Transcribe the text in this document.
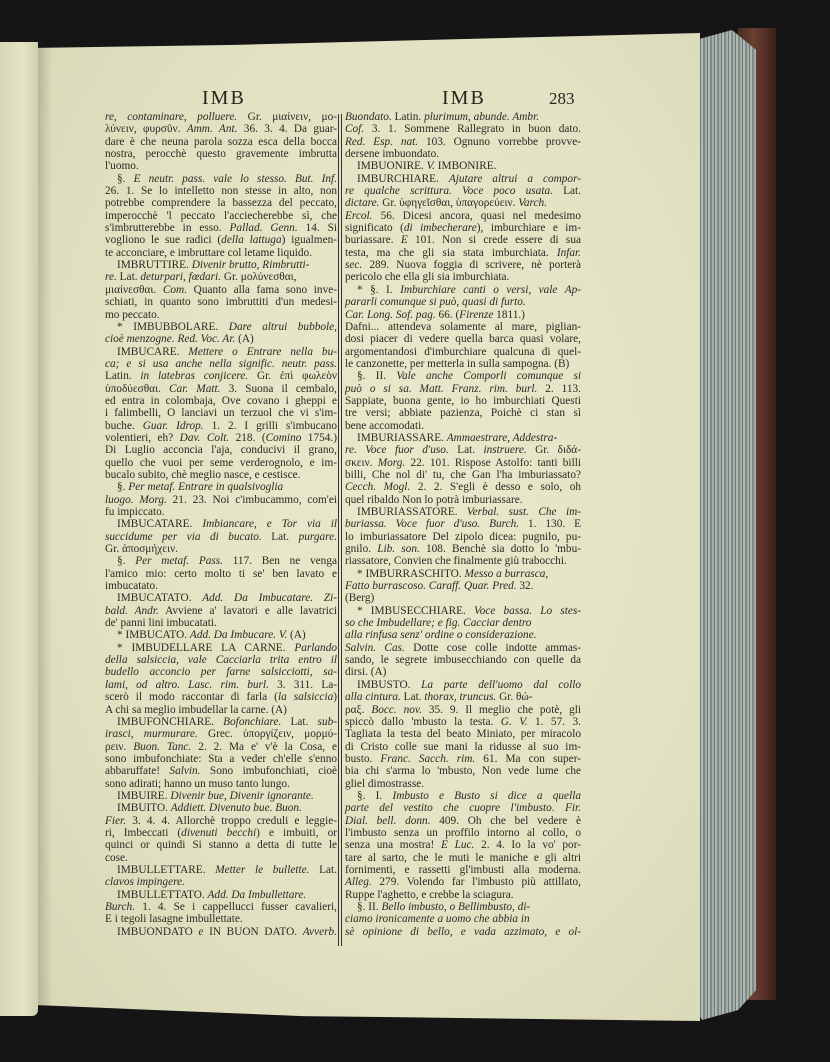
IMB	IMB	283
re, contaminare, polluere. Gr. μιαίνειν, μο-
λύνειν, φυρσῦν. Amm. Ant. 36. 3. 4. Da guar-
dare è che neuna parola sozza esca della bocca
nostra, perocchè questo gravemente imbrutta
l'uomo.
§. E neutr. pass. vale lo stesso. But. Inf.
26. 1. Se lo intelletto non stesse in alto, non
potrebbe comprendere la bassezza del peccato,
imperocchè 'l peccato l'acciecherebbe sì, che
s'imbrutterebbe in esso. Pallad. Genn. 14. Si
vogliono le sue radici (della lattuga) igualmen-
te acconciare, e imbruttare col letame liquido.
IMBRUTTIRE. Divenir brutto, Rimbrutti-
re. Lat. deturpari, fœdari. Gr. μολύνεσθαι,
μιαίνεσθαι. Com. Quanto alla fama sono inve-
schiati, in quanto sono imbruttiti d'un medesi-
mo peccato.
* IMBUBBOLARE. Dare altrui bubbole,
cioè menzogne. Red. Voc. Ar. (A)
IMBUCARE. Mettere o Entrare nella bu-
ca; e si usa anche nella signific. neutr. pass.
Latin. in latebras conjicere. Gr. ἐπὶ φωλεὸν
ὑποδύεσθαι. Car. Matt. 3. Suona il cembalo,
ed entra in colombaja, Ove covano i gheppi e
i falimbelli, O lanciavi un terzuol che vi s'im-
buche. Guar. Idrop. 1. 2. I grilli s'imbucano
volentieri, eh? Dav. Colt. 218. (Comino 1754.)
Di Luglio acconcia l'aja, conducivi il grano,
quello che vuoi per seme verderognolo, e im-
bucalo subito, chè meglio nasce, e cestisce.
§. Per metaf. Entrare in qualsivoglia
luogo. Morg. 21. 23. Noi c'imbucammo, com'ei
fu impiccato.
IMBUCATARE. Imbiancare, e Tor via il
succidume per via di bucato. Lat. purgare.
Gr. ἀποσμήχειν.
§. Per metaf. Pass. 117. Ben ne venga
l'amico mio: certo molto ti se' ben lavato e
imbucatato.
IMBUCATATO. Add. Da Imbucatare. Zi-
bald. Andr. Avviene a' lavatori e alle lavatrici
de' panni lini imbucatati.
* IMBUCATO. Add. Da Imbucare. V. (A)
* IMBUDELLARE LA CARNE. Parlando
della salsiccia, vale Cacciarla trita entro il
budello acconcio per farne salsicciotti, sa-
lami, od altro. Lasc. rim. burl. 3. 311. La-
scerò il modo raccontar di farla (la salsiccia)
A chi sa meglio imbudellar la carne. (A)
IMBUFONCHIARE. Bofonchiare. Lat. sub-
irasci, murmurare. Grec. ὑποργίζειν, μορμύ-
ρειν. Buon. Tanc. 2. 2. Ma e' v'è la Cosa, e
sono imbufonchiate: Sta a veder ch'elle s'enno
abbaruffate! Salvin. Sono imbufonchiati, cioè
sono adirati; hanno un muso tanto lungo.
IMBUIRE. Divenir bue, Divenir ignorante.
IMBUITO. Addiett. Divenuto bue. Buon.
Fier. 3. 4. 4. Allorchè troppo creduli e leggie-
ri, Imbeccati (divenuti becchi) e imbuiti, or
quinci or quindi Si stanno a detta di tutte le
cose.
IMBULLETTARE. Metter le bullette. Lat.
clavos impingere.
IMBULLETTATO. Add. Da Imbullettare.
Burch. 1. 4. Se i cappellucci fusser cavalieri,
E i tegoli lasagne imbullettate.
IMBUONDATO e IN BUON DATO. Avverb.
Buondato. Latin. plurimum, abunde. Ambr.
Cof. 3. 1. Sommene Rallegrato in buon dato.
Red. Esp. nat. 103. Ognuno vorrebbe provve-
dersene imbuondato.
IMBUONIRE. V. IMBONIRE.
IMBURCHIARE. Ajutare altrui a compor-
re qualche scrittura. Voce poco usata. Lat.
dictare. Gr. ὑφηγεῖσθαι, ὑπαγορεύειν. Varch.
Ercol. 56. Dicesi ancora, quasi nel medesimo
significato (di imbecherare), imburchiare e im-
buriassare. E 101. Non si crede essere di sua
testa, ma che gli sia stata imburchiata. Infar.
sec. 289. Nuova foggia di scrivere, nè porterà
pericolo che ella gli sia imburchiata.
* §. I. Imburchiare canti o versi, vale Ap-
pararli comunque si può, quasi di furto.
Car. Long. Sof. pag. 66. (Firenze 1811.)
Dafni... attendeva solamente al mare, piglian-
dosi piacer di vedere quella barca quasi volare,
argomentandosi d'imburchiare qualcuna di quel-
le canzonette, per metterla in sulla sampogna. (B)
§. II. Vale anche Comporli comunque si
può o si sa. Matt. Franz. rim. burl. 2. 113.
Sappiate, buona gente, io ho imburchiati Questi
tre versi; abbiate pazienza, Poichè ci stan sì
bene accomodati.
IMBURIASSARE. Ammaestrare, Addestra-
re. Voce fuor d'uso. Lat. instruere. Gr. διδά-
σκειν. Morg. 22. 101. Rispose Astolfo: tanti billi
billi, Che nol di' tu, che Gan l'ha imburiassato?
Cecch. Mogl. 2. 2. S'egli è desso e solo, oh
quel ribaldo Non lo potrà imburiassare.
IMBURIASSATORE. Verbal. sust. Che im-
buriassa. Voce fuor d'uso. Burch. 1. 130. E
lo imburiassatore Del zipolo dicea: pugnilo, pu-
gnilo. Lib. son. 108. Benchè sia dotto lo 'mbu-
riassatore, Convien che finalmente giù trabocchi.
* IMBURRASCHITO. Messo a burrasca,
Fatto burrascoso. Caraff. Quar. Pred. 32.
(Berg)
* IMBUSECCHIARE. Voce bassa. Lo stes-
so che Imbudellare; e fig. Cacciar dentro
alla rinfusa senz' ordine o considerazione.
Salvin. Cas. Dotte cose colle indotte ammas-
sando, le segrete imbusecchiando con quelle da
dirsi. (A)
IMBUSTO. La parte dell'uomo dal collo
alla cintura. Lat. thorax, truncus. Gr. θώ-
ραξ. Bocc. nov. 35. 9. Il meglio che potè, gli
spiccò dallo 'mbusto la testa. G. V. 1. 57. 3.
Tagliata la testa del beato Miniato, per miracolo
di Cristo colle sue mani la ridusse al suo im-
busto. Franc. Sacch. rim. 61. Ma con super-
bia chi s'arma lo 'mbusto, Non vede lume che
gliel dimostrasse.
§. I. Imbusto e Busto si dice a quella
parte del vestito che cuopre l'imbusto. Fir.
Dial. bell. donn. 409. Oh che bel vedere è
l'imbusto senza un proffilo intorno al collo, o
senza una mostra! E Luc. 2. 4. Io la vo' por-
tare al sarto, che le muti le maniche e gli altri
fornimenti, e rassetti gl'imbusti alla moderna.
Alleg. 279. Volendo far l'imbusto più attillato,
Ruppe l'aghetto, e crebbe la sciagura.
§. II. Bello imbusto, o Bellimbusto, di-
ciamo ironicamente a uomo che abbia in
sè opinione di bello, e vada azzimato, e ol-
